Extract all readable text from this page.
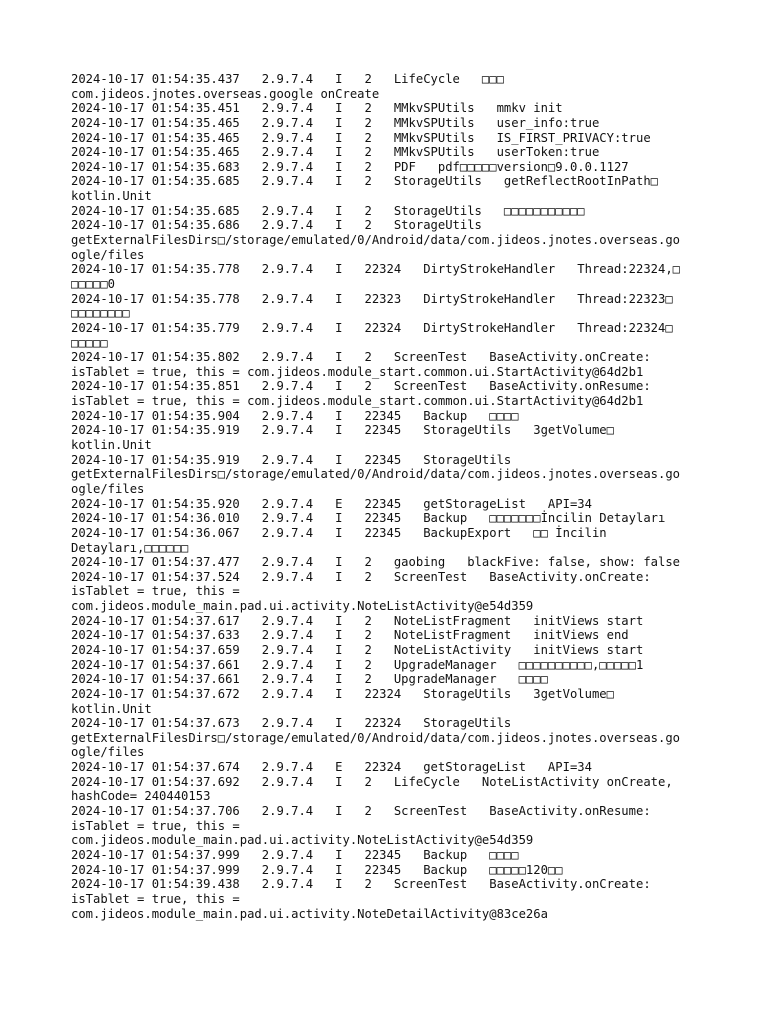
2024-10-17 01:54:35.437   2.9.7.4   I   2   LifeCycle   □□□
com.jideos.jnotes.overseas.google onCreate
2024-10-17 01:54:35.451   2.9.7.4   I   2   MMkvSPUtils   mmkv init
2024-10-17 01:54:35.465   2.9.7.4   I   2   MMkvSPUtils   user_info:true
2024-10-17 01:54:35.465   2.9.7.4   I   2   MMkvSPUtils   IS_FIRST_PRIVACY:true
2024-10-17 01:54:35.465   2.9.7.4   I   2   MMkvSPUtils   userToken:true
2024-10-17 01:54:35.683   2.9.7.4   I   2   PDF   pdf□□□□□version□9.0.0.1127
2024-10-17 01:54:35.685   2.9.7.4   I   2   StorageUtils   getReflectRootInPath□
kotlin.Unit
2024-10-17 01:54:35.685   2.9.7.4   I   2   StorageUtils   □□□□□□□□□□□
2024-10-17 01:54:35.686   2.9.7.4   I   2   StorageUtils
getExternalFilesDirs□/storage/emulated/0/Android/data/com.jideos.jnotes.overseas.go
ogle/files
2024-10-17 01:54:35.778   2.9.7.4   I   22324   DirtyStrokeHandler   Thread:22324,□
□□□□□0
2024-10-17 01:54:35.778   2.9.7.4   I   22323   DirtyStrokeHandler   Thread:22323□
□□□□□□□□
2024-10-17 01:54:35.779   2.9.7.4   I   22324   DirtyStrokeHandler   Thread:22324□
□□□□□
2024-10-17 01:54:35.802   2.9.7.4   I   2   ScreenTest   BaseActivity.onCreate:
isTablet = true, this = com.jideos.module_start.common.ui.StartActivity@64d2b1
2024-10-17 01:54:35.851   2.9.7.4   I   2   ScreenTest   BaseActivity.onResume:
isTablet = true, this = com.jideos.module_start.common.ui.StartActivity@64d2b1
2024-10-17 01:54:35.904   2.9.7.4   I   22345   Backup   □□□□
2024-10-17 01:54:35.919   2.9.7.4   I   22345   StorageUtils   3getVolume□
kotlin.Unit
2024-10-17 01:54:35.919   2.9.7.4   I   22345   StorageUtils
getExternalFilesDirs□/storage/emulated/0/Android/data/com.jideos.jnotes.overseas.go
ogle/files
2024-10-17 01:54:35.920   2.9.7.4   E   22345   getStorageList   API=34
2024-10-17 01:54:36.010   2.9.7.4   I   22345   Backup   □□□□□□□İncilin Detayları
2024-10-17 01:54:36.067   2.9.7.4   I   22345   BackupExport   □□ İncilin
Detayları,□□□□□□
2024-10-17 01:54:37.477   2.9.7.4   I   2   gaobing   blackFive: false, show: false
2024-10-17 01:54:37.524   2.9.7.4   I   2   ScreenTest   BaseActivity.onCreate:
isTablet = true, this =
com.jideos.module_main.pad.ui.activity.NoteListActivity@e54d359
2024-10-17 01:54:37.617   2.9.7.4   I   2   NoteListFragment   initViews start
2024-10-17 01:54:37.633   2.9.7.4   I   2   NoteListFragment   initViews end
2024-10-17 01:54:37.659   2.9.7.4   I   2   NoteListActivity   initViews start
2024-10-17 01:54:37.661   2.9.7.4   I   2   UpgradeManager   □□□□□□□□□□,□□□□□1
2024-10-17 01:54:37.661   2.9.7.4   I   2   UpgradeManager   □□□□
2024-10-17 01:54:37.672   2.9.7.4   I   22324   StorageUtils   3getVolume□
kotlin.Unit
2024-10-17 01:54:37.673   2.9.7.4   I   22324   StorageUtils
getExternalFilesDirs□/storage/emulated/0/Android/data/com.jideos.jnotes.overseas.go
ogle/files
2024-10-17 01:54:37.674   2.9.7.4   E   22324   getStorageList   API=34
2024-10-17 01:54:37.692   2.9.7.4   I   2   LifeCycle   NoteListActivity onCreate,
hashCode= 240440153
2024-10-17 01:54:37.706   2.9.7.4   I   2   ScreenTest   BaseActivity.onResume:
isTablet = true, this =
com.jideos.module_main.pad.ui.activity.NoteListActivity@e54d359
2024-10-17 01:54:37.999   2.9.7.4   I   22345   Backup   □□□□
2024-10-17 01:54:37.999   2.9.7.4   I   22345   Backup   □□□□□120□□
2024-10-17 01:54:39.438   2.9.7.4   I   2   ScreenTest   BaseActivity.onCreate:
isTablet = true, this =
com.jideos.module_main.pad.ui.activity.NoteDetailActivity@83ce26a
